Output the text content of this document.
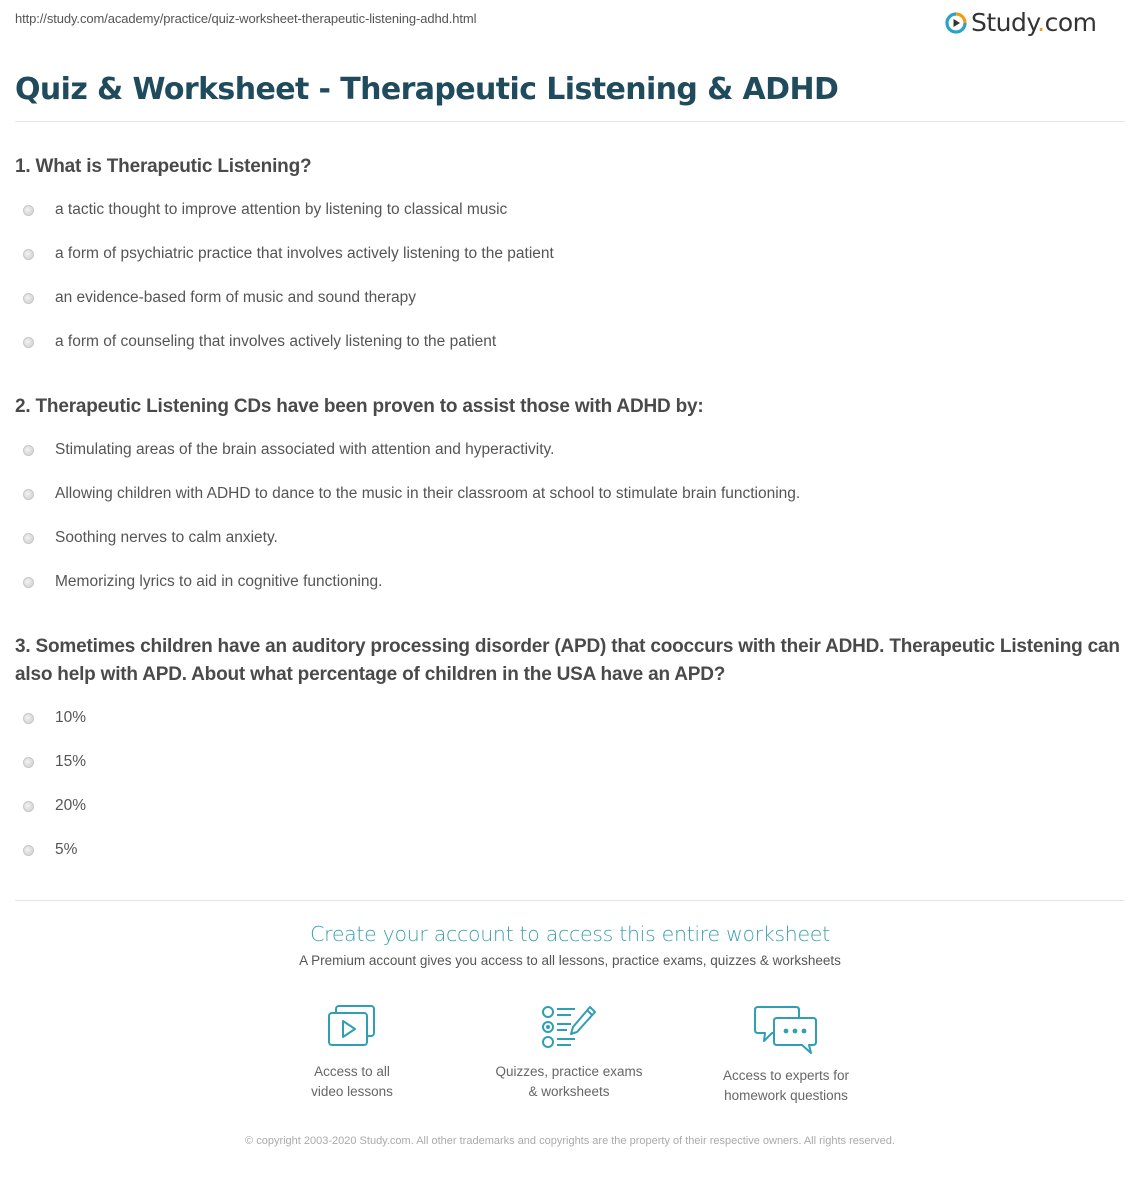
http://study.com/academy/practice/quiz-worksheet-therapeutic-listening-adhd.html	Study.com
Quiz & Worksheet - Therapeutic Listening & ADHD
1. What is Therapeutic Listening?
a tactic thought to improve attention by listening to classical music
a form of psychiatric practice that involves actively listening to the patient
an evidence-based form of music and sound therapy
a form of counseling that involves actively listening to the patient
2. Therapeutic Listening CDs have been proven to assist those with ADHD by:
Stimulating areas of the brain associated with attention and hyperactivity.
Allowing children with ADHD to dance to the music in their classroom at school to stimulate brain functioning.
Soothing nerves to calm anxiety.
Memorizing lyrics to aid in cognitive functioning.
3. Sometimes children have an auditory processing disorder (APD) that cooccurs with their ADHD. Therapeutic Listening can also help with APD. About what percentage of children in the USA have an APD?
10%
15%
20%
5%
Create your account to access this entire worksheet
A Premium account gives you access to all lessons, practice exams, quizzes & worksheets
Access to all
video lessons
Quizzes, practice exams
& worksheets
Access to experts for
homework questions
© copyright 2003-2020 Study.com. All other trademarks and copyrights are the property of their respective owners. All rights reserved.
